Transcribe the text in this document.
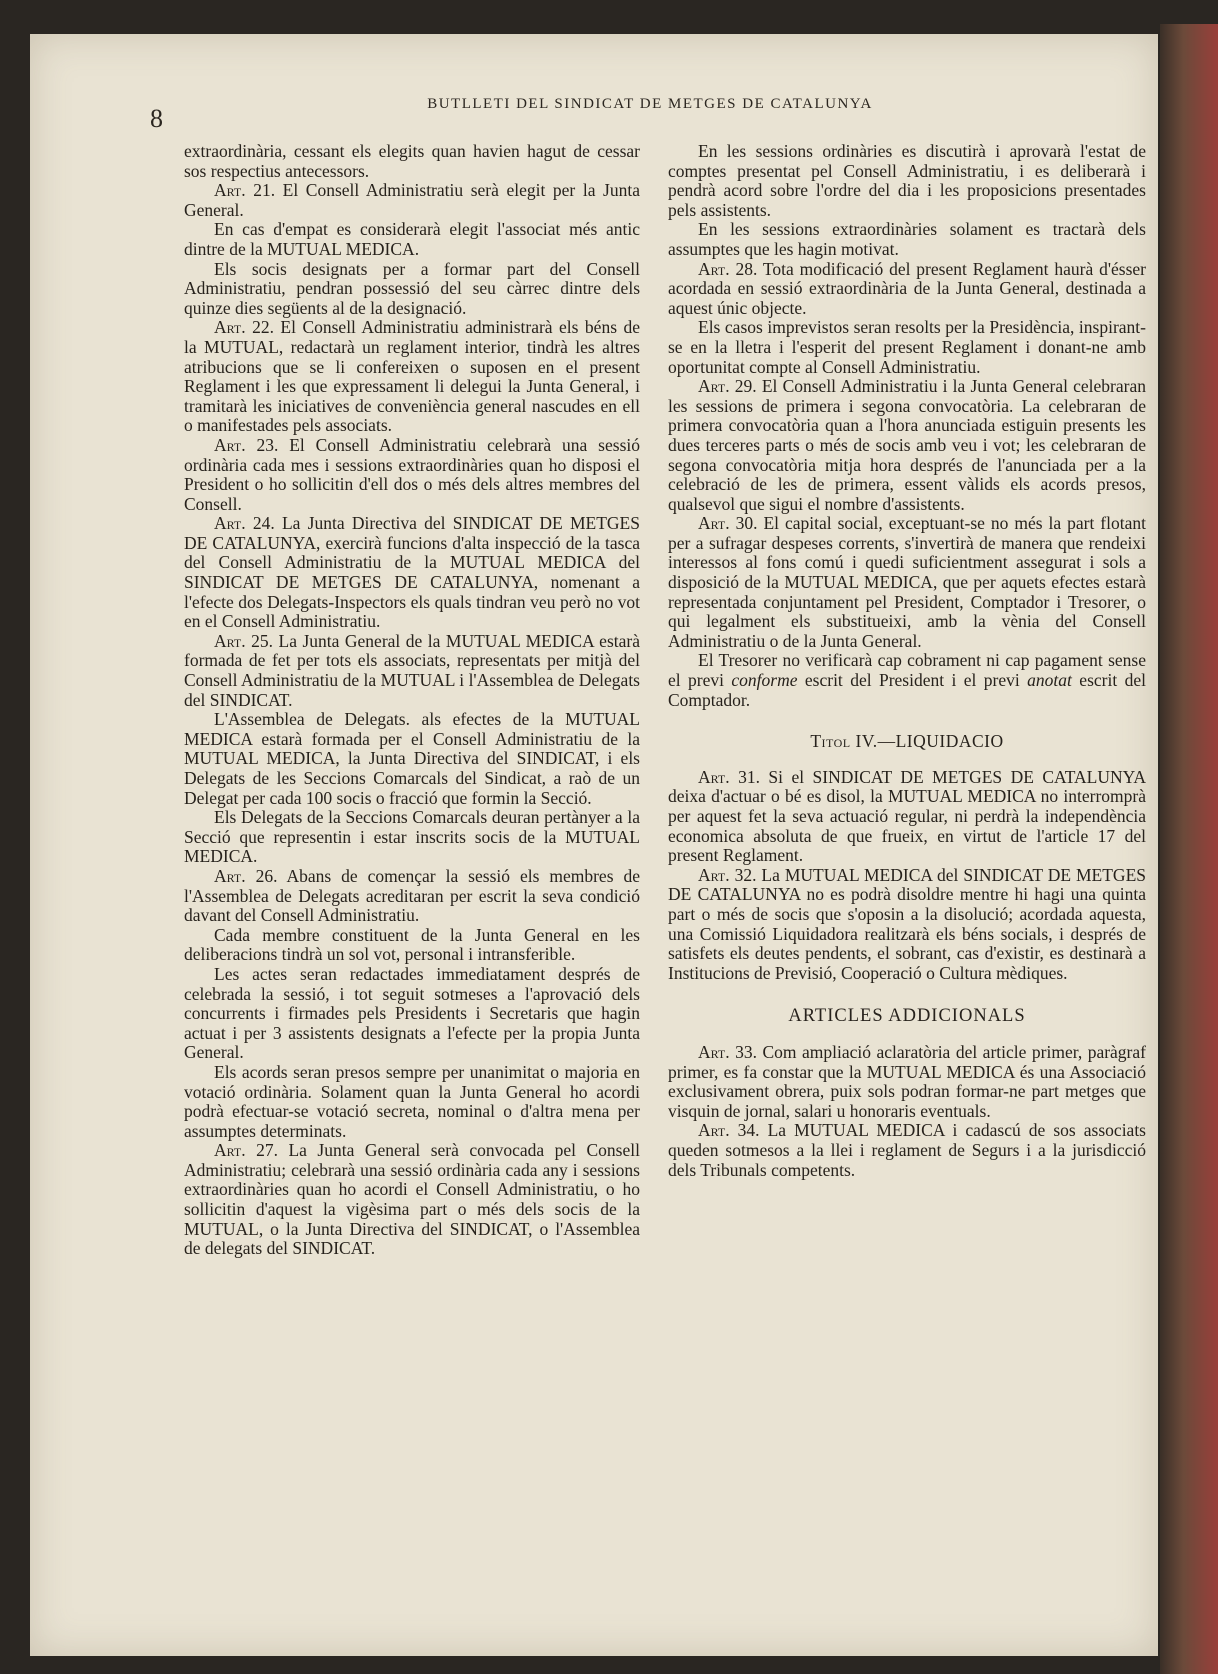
8	BUTLLETI DEL SINDICAT DE METGES DE CATALUNYA

extraordinària, cessant els elegits quan havien hagut de cessar sos respectius antecessors.

Art. 21. El Consell Administratiu serà elegit per la Junta General.

En cas d'empat es considerarà elegit l'associat més antic dintre de la MUTUAL MEDICA.

Els socis designats per a formar part del Consell Administratiu, pendran possessió del seu càrrec dintre dels quinze dies següents al de la designació.

Art. 22. El Consell Administratiu administrarà els béns de la MUTUAL, redactarà un reglament interior, tindrà les altres atribucions que se li confereixen o suposen en el present Reglament i les que expressament li delegui la Junta General, i tramitarà les iniciatives de conveniència general nascudes en ell o manifestades pels associats.

Art. 23. El Consell Administratiu celebrarà una sessió ordinària cada mes i sessions extraordinàries quan ho disposi el President o ho sollicitin d'ell dos o més dels altres membres del Consell.

Art. 24. La Junta Directiva del SINDICAT DE METGES DE CATALUNYA, exercirà funcions d'alta inspecció de la tasca del Consell Administratiu de la MUTUAL MEDICA del SINDICAT DE METGES DE CATALUNYA, nomenant a l'efecte dos Delegats-Inspectors els quals tindran veu però no vot en el Consell Administratiu.

Art. 25. La Junta General de la MUTUAL MEDICA estarà formada de fet per tots els associats, representats per mitjà del Consell Administratiu de la MUTUAL i l'Assemblea de Delegats del SINDICAT.

L'Assemblea de Delegats. als efectes de la MUTUAL MEDICA estarà formada per el Consell Administratiu de la MUTUAL MEDICA, la Junta Directiva del SINDICAT, i els Delegats de les Seccions Comarcals del Sindicat, a raò de un Delegat per cada 100 socis o fracció que formin la Secció.

Els Delegats de la Seccions Comarcals deuran pertànyer a la Secció que representin i estar inscrits socis de la MUTUAL MEDICA.

Art. 26. Abans de començar la sessió els membres de l'Assemblea de Delegats acreditaran per escrit la seva condició davant del Consell Administratiu.

Cada membre constituent de la Junta General en les deliberacions tindrà un sol vot, personal i intransferible.

Les actes seran redactades immediatament després de celebrada la sessió, i tot seguit sotmeses a l'aprovació dels concurrents i firmades pels Presidents i Secretaris que hagin actuat i per 3 assistents designats a l'efecte per la propia Junta General.

Els acords seran presos sempre per unanimitat o majoria en votació ordinària. Solament quan la Junta General ho acordi podrà efectuar-se votació secreta, nominal o d'altra mena per assumptes determinats.

Art. 27. La Junta General serà convocada pel Consell Administratiu; celebrarà una sessió ordinària cada any i sessions extraordinàries quan ho acordi el Consell Administratiu, o ho sollicitin d'aquest la vigèsima part o més dels socis de la MUTUAL, o la Junta Directiva del SINDICAT, o l'Assemblea de delegats del SINDICAT.

En les sessions ordinàries es discutirà i aprovarà l'estat de comptes presentat pel Consell Administratiu, i es deliberarà i pendrà acord sobre l'ordre del dia i les proposicions presentades pels assistents.

En les sessions extraordinàries solament es tractarà dels assumptes que les hagin motivat.

Art. 28. Tota modificació del present Reglament haurà d'ésser acordada en sessió extraordinària de la Junta General, destinada a aquest únic objecte.

Els casos imprevistos seran resolts per la Presidència, inspirant-se en la lletra i l'esperit del present Reglament i donant-ne amb oportunitat compte al Consell Administratiu.

Art. 29. El Consell Administratiu i la Junta General celebraran les sessions de primera i segona convocatòria. La celebraran de primera convocatòria quan a l'hora anunciada estiguin presents les dues terceres parts o més de socis amb veu i vot; les celebraran de segona convocatòria mitja hora després de l'anunciada per a la celebració de les de primera, essent vàlids els acords presos, qualsevol que sigui el nombre d'assistents.

Art. 30. El capital social, exceptuant-se no més la part flotant per a sufragar despeses corrents, s'invertirà de manera que rendeixi interessos al fons comú i quedi suficientment assegurat i sols a disposició de la MUTUAL MEDICA, que per aquets efectes estarà representada conjuntament pel President, Comptador i Tresorer, o qui legalment els substitueixi, amb la vènia del Consell Administratiu o de la Junta General.

El Tresorer no verificarà cap cobrament ni cap pagament sense el previ conforme escrit del President i el previ anotat escrit del Comptador.

Titol IV.—LIQUIDACIO

Art. 31. Si el SINDICAT DE METGES DE CATALUNYA deixa d'actuar o bé es disol, la MUTUAL MEDICA no interromprà per aquest fet la seva actuació regular, ni perdrà la independència economica absoluta de que frueix, en virtut de l'article 17 del present Reglament.

Art. 32. La MUTUAL MEDICA del SINDICAT DE METGES DE CATALUNYA no es podrà disoldre mentre hi hagi una quinta part o més de socis que s'oposin a la disolució; acordada aquesta, una Comissió Liquidadora realitzarà els béns socials, i després de satisfets els deutes pendents, el sobrant, cas d'existir, es destinarà a Institucions de Previsió, Cooperació o Cultura mèdiques.

ARTICLES ADDICIONALS

Art. 33. Com ampliació aclaratòria del article primer, paràgraf primer, es fa constar que la MUTUAL MEDICA és una Associació exclusivament obrera, puix sols podran formar-ne part metges que visquin de jornal, salari u honoraris eventuals.

Art. 34. La MUTUAL MEDICA i cadascú de sos associats queden sotmesos a la llei i reglament de Segurs i a la jurisdicció dels Tribunals competents.
